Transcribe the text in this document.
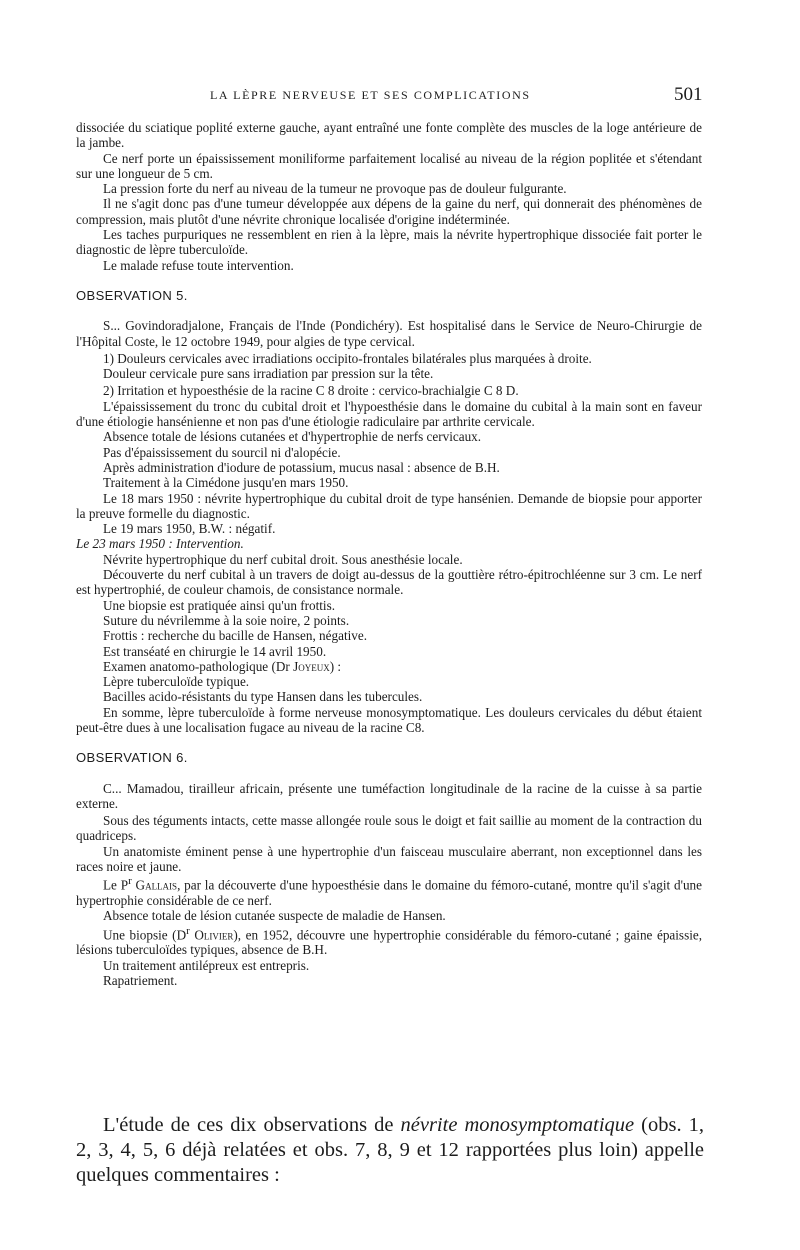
LA LÈPRE NERVEUSE ET SES COMPLICATIONS	501

dissociée du sciatique poplité externe gauche, ayant entraîné une fonte complète des muscles de la loge antérieure de la jambe.

Ce nerf porte un épaississement moniliforme parfaitement localisé au niveau de la région poplitée et s'étendant sur une longueur de 5 cm.

La pression forte du nerf au niveau de la tumeur ne provoque pas de douleur fulgurante.

Il ne s'agit donc pas d'une tumeur développée aux dépens de la gaine du nerf, qui donnerait des phénomènes de compression, mais plutôt d'une névrite chronique localisée d'origine indéterminée.

Les taches purpuriques ne ressemblent en rien à la lèpre, mais la névrite hypertrophique dissociée fait porter le diagnostic de lèpre tuberculoïde.

Le malade refuse toute intervention.

OBSERVATION 5.

S... Govindoradjalone, Français de l'Inde (Pondichéry). Est hospitalisé dans le Service de Neuro-Chirurgie de l'Hôpital Coste, le 12 octobre 1949, pour algies de type cervical.

1) Douleurs cervicales avec irradiations occipito-frontales bilatérales plus marquées à droite.

Douleur cervicale pure sans irradiation par pression sur la tête.

2) Irritation et hypoesthésie de la racine C 8 droite : cervico-brachialgie C 8 D.

L'épaississement du tronc du cubital droit et l'hypoesthésie dans le domaine du cubital à la main sont en faveur d'une étiologie hansénienne et non pas d'une étiologie radiculaire par arthrite cervicale.

Absence totale de lésions cutanées et d'hypertrophie de nerfs cervicaux.

Pas d'épaississement du sourcil ni d'alopécie.

Après administration d'iodure de potassium, mucus nasal : absence de B.H.

Traitement à la Cimédone jusqu'en mars 1950.

Le 18 mars 1950 : névrite hypertrophique du cubital droit de type hansénien. Demande de biopsie pour apporter la preuve formelle du diagnostic.

Le 19 mars 1950, B.W. : négatif.

Le 23 mars 1950 : Intervention.

Névrite hypertrophique du nerf cubital droit. Sous anesthésie locale.

Découverte du nerf cubital à un travers de doigt au-dessus de la gouttière rétro-épitrochléenne sur 3 cm. Le nerf est hypertrophié, de couleur chamois, de consistance normale.

Une biopsie est pratiquée ainsi qu'un frottis.

Suture du névrilemme à la soie noire, 2 points.

Frottis : recherche du bacille de Hansen, négative.

Est transéaté en chirurgie le 14 avril 1950.

Examen anatomo-pathologique (Dr Joyeux) :

Lèpre tuberculoïde typique.

Bacilles acido-résistants du type Hansen dans les tubercules.

En somme, lèpre tuberculoïde à forme nerveuse monosymptomatique. Les douleurs cervicales du début étaient peut-être dues à une localisation fugace au niveau de la racine C8.

OBSERVATION 6.

C... Mamadou, tirailleur africain, présente une tuméfaction longitudinale de la racine de la cuisse à sa partie externe.

Sous des téguments intacts, cette masse allongée roule sous le doigt et fait saillie au moment de la contraction du quadriceps.

Un anatomiste éminent pense à une hypertrophie d'un faisceau musculaire aberrant, non exceptionnel dans les races noire et jaune.

Le $P^r$ Gallais, par la découverte d'une hypoesthésie dans le domaine du fémoro-cutané, montre qu'il s'agit d'une hypertrophie considérable de ce nerf.

Absence totale de lésion cutanée suspecte de maladie de Hansen.

Une biopsie ($D^r$ Olivier), en 1952, découvre une hypertrophie considérable du fémoro-cutané ; gaine épaissie, lésions tuberculoïdes typiques, absence de B.H.

Un traitement antilépreux est entrepris.

Rapatriement.

L'étude de ces dix observations de névrite monosymptomatique (obs. 1, 2, 3, 4, 5, 6 déjà relatées et obs. 7, 8, 9 et 12 rapportées plus loin) appelle quelques commentaires :
